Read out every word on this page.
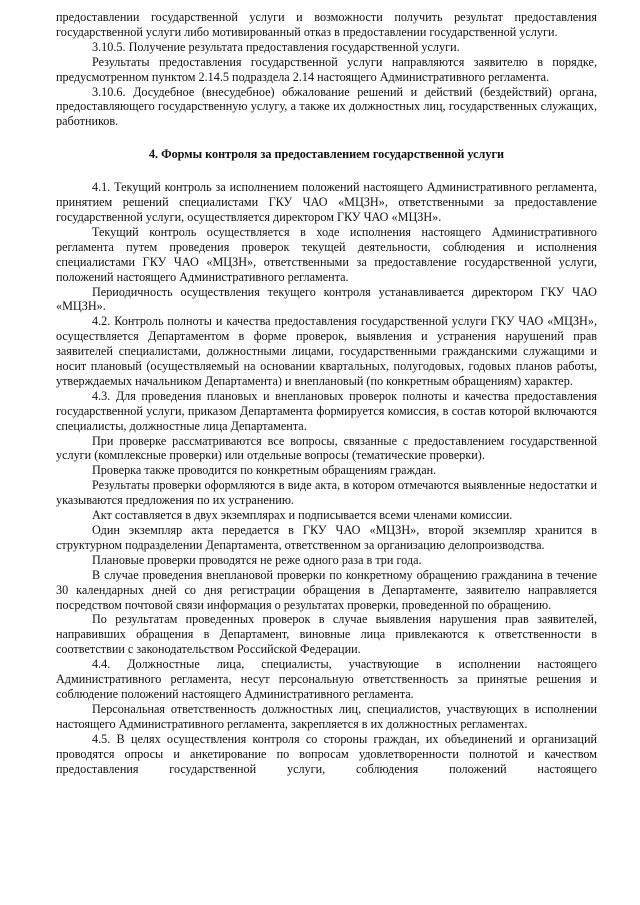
предоставлении государственной услуги и возможности получить результат предоставления государственной услуги либо мотивированный отказ в предоставлении государственной услуги.

3.10.5. Получение результата предоставления государственной услуги.

Результаты предоставления государственной услуги направляются заявителю в порядке, предусмотренном пунктом 2.14.5 подраздела 2.14 настоящего Административного регламента.

3.10.6. Досудебное (внесудебное) обжалование решений и действий (бездействий) органа, предоставляющего государственную услугу, а также их должностных лиц, государственных служащих, работников.

4. Формы контроля за предоставлением государственной услуги

4.1. Текущий контроль за исполнением положений настоящего Административного регламента, принятием решений специалистами ГКУ ЧАО «МЦЗН», ответственными за предоставление государственной услуги, осуществляется директором ГКУ ЧАО «МЦЗН».

Текущий контроль осуществляется в ходе исполнения настоящего Административного регламента путем проведения проверок текущей деятельности, соблюдения и исполнения специалистами ГКУ ЧАО «МЦЗН», ответственными за предоставление государственной услуги, положений настоящего Административного регламента.

Периодичность осуществления текущего контроля устанавливается директором ГКУ ЧАО «МЦЗН».

4.2. Контроль полноты и качества предоставления государственной услуги ГКУ ЧАО «МЦЗН», осуществляется Департаментом в форме проверок, выявления и устранения нарушений прав заявителей специалистами, должностными лицами, государственными гражданскими служащими и носит плановый (осуществляемый на основании квартальных, полугодовых, годовых планов работы, утверждаемых начальником Департамента) и внеплановый (по конкретным обращениям) характер.

4.3. Для проведения плановых и внеплановых проверок полноты и качества предоставления государственной услуги, приказом Департамента формируется комиссия, в состав которой включаются специалисты, должностные лица Департамента.

При проверке рассматриваются все вопросы, связанные с предоставлением государственной услуги (комплексные проверки) или отдельные вопросы (тематические проверки).

Проверка также проводится по конкретным обращениям граждан.

Результаты проверки оформляются в виде акта, в котором отмечаются выявленные недостатки и указываются предложения по их устранению.

Акт составляется в двух экземплярах и подписывается всеми членами комиссии.

Один экземпляр акта передается в ГКУ ЧАО «МЦЗН», второй экземпляр хранится в структурном подразделении Департамента, ответственном за организацию делопроизводства.

Плановые проверки проводятся не реже одного раза в три года.

В случае проведения внеплановой проверки по конкретному обращению гражданина в течение 30 календарных дней со дня регистрации обращения в Департаменте, заявителю направляется посредством почтовой связи информация о результатах проверки, проведенной по обращению.

По результатам проведенных проверок в случае выявления нарушения прав заявителей, направивших обращения в Департамент, виновные лица привлекаются к ответственности в соответствии с законодательством Российской Федерации.

4.4. Должностные лица, специалисты, участвующие в исполнении настоящего Административного регламента, несут персональную ответственность за принятые решения и соблюдение положений настоящего Административного регламента.

Персональная ответственность должностных лиц, специалистов, участвующих в исполнении настоящего Административного регламента, закрепляется в их должностных регламентах.

4.5. В целях осуществления контроля со стороны граждан, их объединений и организаций проводятся опросы и анкетирование по вопросам удовлетворенности полнотой и качеством предоставления государственной услуги, соблюдения положений настоящего
